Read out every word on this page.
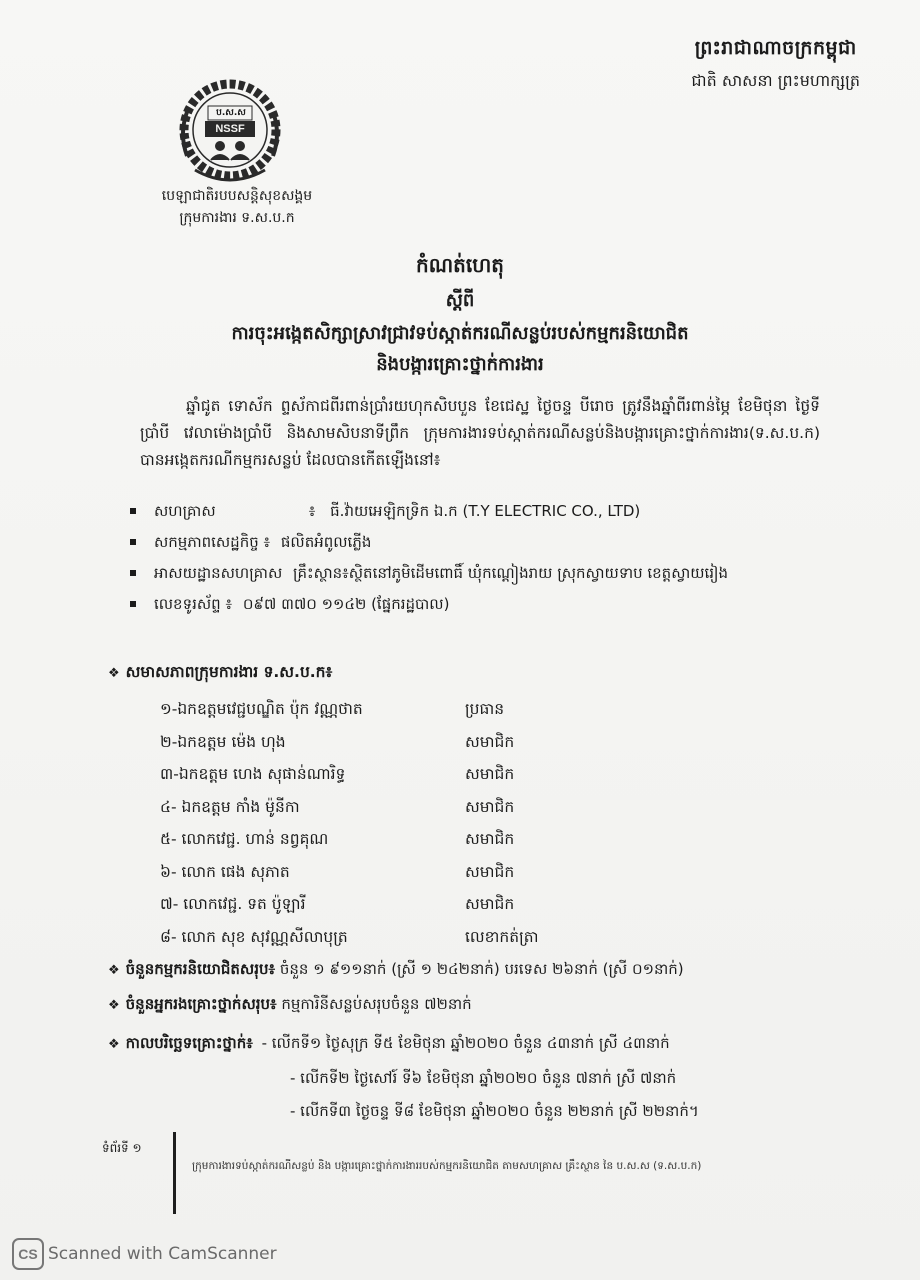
ព្រះរាជាណាចក្រកម្ពុជា
ជាតិ សាសនា ព្រះមហាក្សត្រ
ប.ស.ស
NSSF
បេឡាជាតិរបបសន្តិសុខសង្គម
ក្រុមការងារ ទ.ស.ប.ក
កំណត់ហេតុ
ស្តីពី
ការចុះអង្កេតសិក្សាស្រាវជ្រាវទប់ស្កាត់ករណីសន្លប់របស់កម្មករនិយោជិត
និងបង្ការគ្រោះថ្នាក់ការងារ

ឆ្នាំជូត ទោស័ក ព្ទស័កាជពីរពាន់ប្រាំរយហុកសិបបួន ខែជេស្ឋ ថ្ងៃចន្ទ បីរោច ត្រូវនឹងឆ្នាំពីរពាន់ម្ភៃ ខែមិថុនា ថ្ងៃទីប្រាំបី វេលាម៉ោងប្រាំបី និងសាមសិបនាទីព្រឹក ក្រុមការងារទប់ស្កាត់ករណីសន្លប់និងបង្ការគ្រោះថ្នាក់ការងារ(ទ.ស.ប.ក) បានអង្កេតករណីកម្មករសន្លប់ ដែលបានកើតឡើងនៅ៖

សហគ្រាស	៖ ធី.វ៉ាយអេឡិកទ្រិក ឯ.ក (T.Y ELECTRIC CO., LTD)
សកម្មភាពសេដ្ឋកិច្ច ៖ ផលិតអំពូលភ្លើង
អាសយដ្ឋានសហគ្រាស គ្រឹះស្ថាន៖ស្ថិតនៅភូមិដើមពោធិ៍ ឃុំកណ្តៀងរាយ ស្រុកស្វាយទាប ខេត្តស្វាយរៀង
លេខទូរស័ព្ទ ៖ ០៩៧ ៣៧០ ១១៤២ (ផ្នែករដ្ឋបាល)
❖ សមាសភាពក្រុមការងារ ទ.ស.ប.ក៖
១-ឯកឧត្តមវេជ្ជបណ្ឌិត ប៉ុក វណ្ណថាត	ប្រធាន
២-ឯកឧត្តម ម៉េង ហុង	សមាជិក
៣-ឯកឧត្តម ហេង សុផាន់ណារិទ្ធ	សមាជិក
៤- ឯកឧត្តម កាំង ម៉ូនីកា	សមាជិក
៥- លោកវេជ្ជ. ហាន់ នព្វគុណ	សមាជិក
៦- លោក ផេង សុភាត	សមាជិក
៧- លោកវេជ្ជ. ទត ប៉ូឡារី	សមាជិក
៨- លោក សុខ សុវណ្ណសីលាបុត្រ	លេខាកត់ត្រា
❖ ចំនួនកម្មករនិយោជិតសរុប៖ ចំនួន ១ ៩១១នាក់ (ស្រី ១ ២៤២នាក់) បរទេស ២៦នាក់ (ស្រី ០១នាក់)
❖ ចំនួនអ្នករងគ្រោះថ្នាក់សរុប៖ កម្មការិនីសន្លប់សរុបចំនួន ៧២នាក់
❖ កាលបរិច្ឆេទគ្រោះថ្នាក់៖ - លើកទី១ ថ្ងៃសុក្រ ទី៥ ខែមិថុនា ឆ្នាំ២០២០ ចំនួន ៤៣នាក់ ស្រី ៤៣នាក់
- លើកទី២ ថ្ងៃសៅរ៍ ទី៦ ខែមិថុនា ឆ្នាំ២០២០ ចំនួន ៧នាក់ ស្រី ៧នាក់
- លើកទី៣ ថ្ងៃចន្ទ ទី៨ ខែមិថុនា ឆ្នាំ២០២០ ចំនួន ២២នាក់ ស្រី ២២នាក់។
ទំព័រទី ១
ក្រុមការងារទប់ស្កាត់ករណីសន្លប់ និង បង្ការគ្រោះថ្នាក់ការងាររបស់កម្មករនិយោជិត តាមសហគ្រាស គ្រឹះស្ថាន នៃ ប.ស.ស (ទ.ស.ប.ក)
CS Scanned with CamScanner
